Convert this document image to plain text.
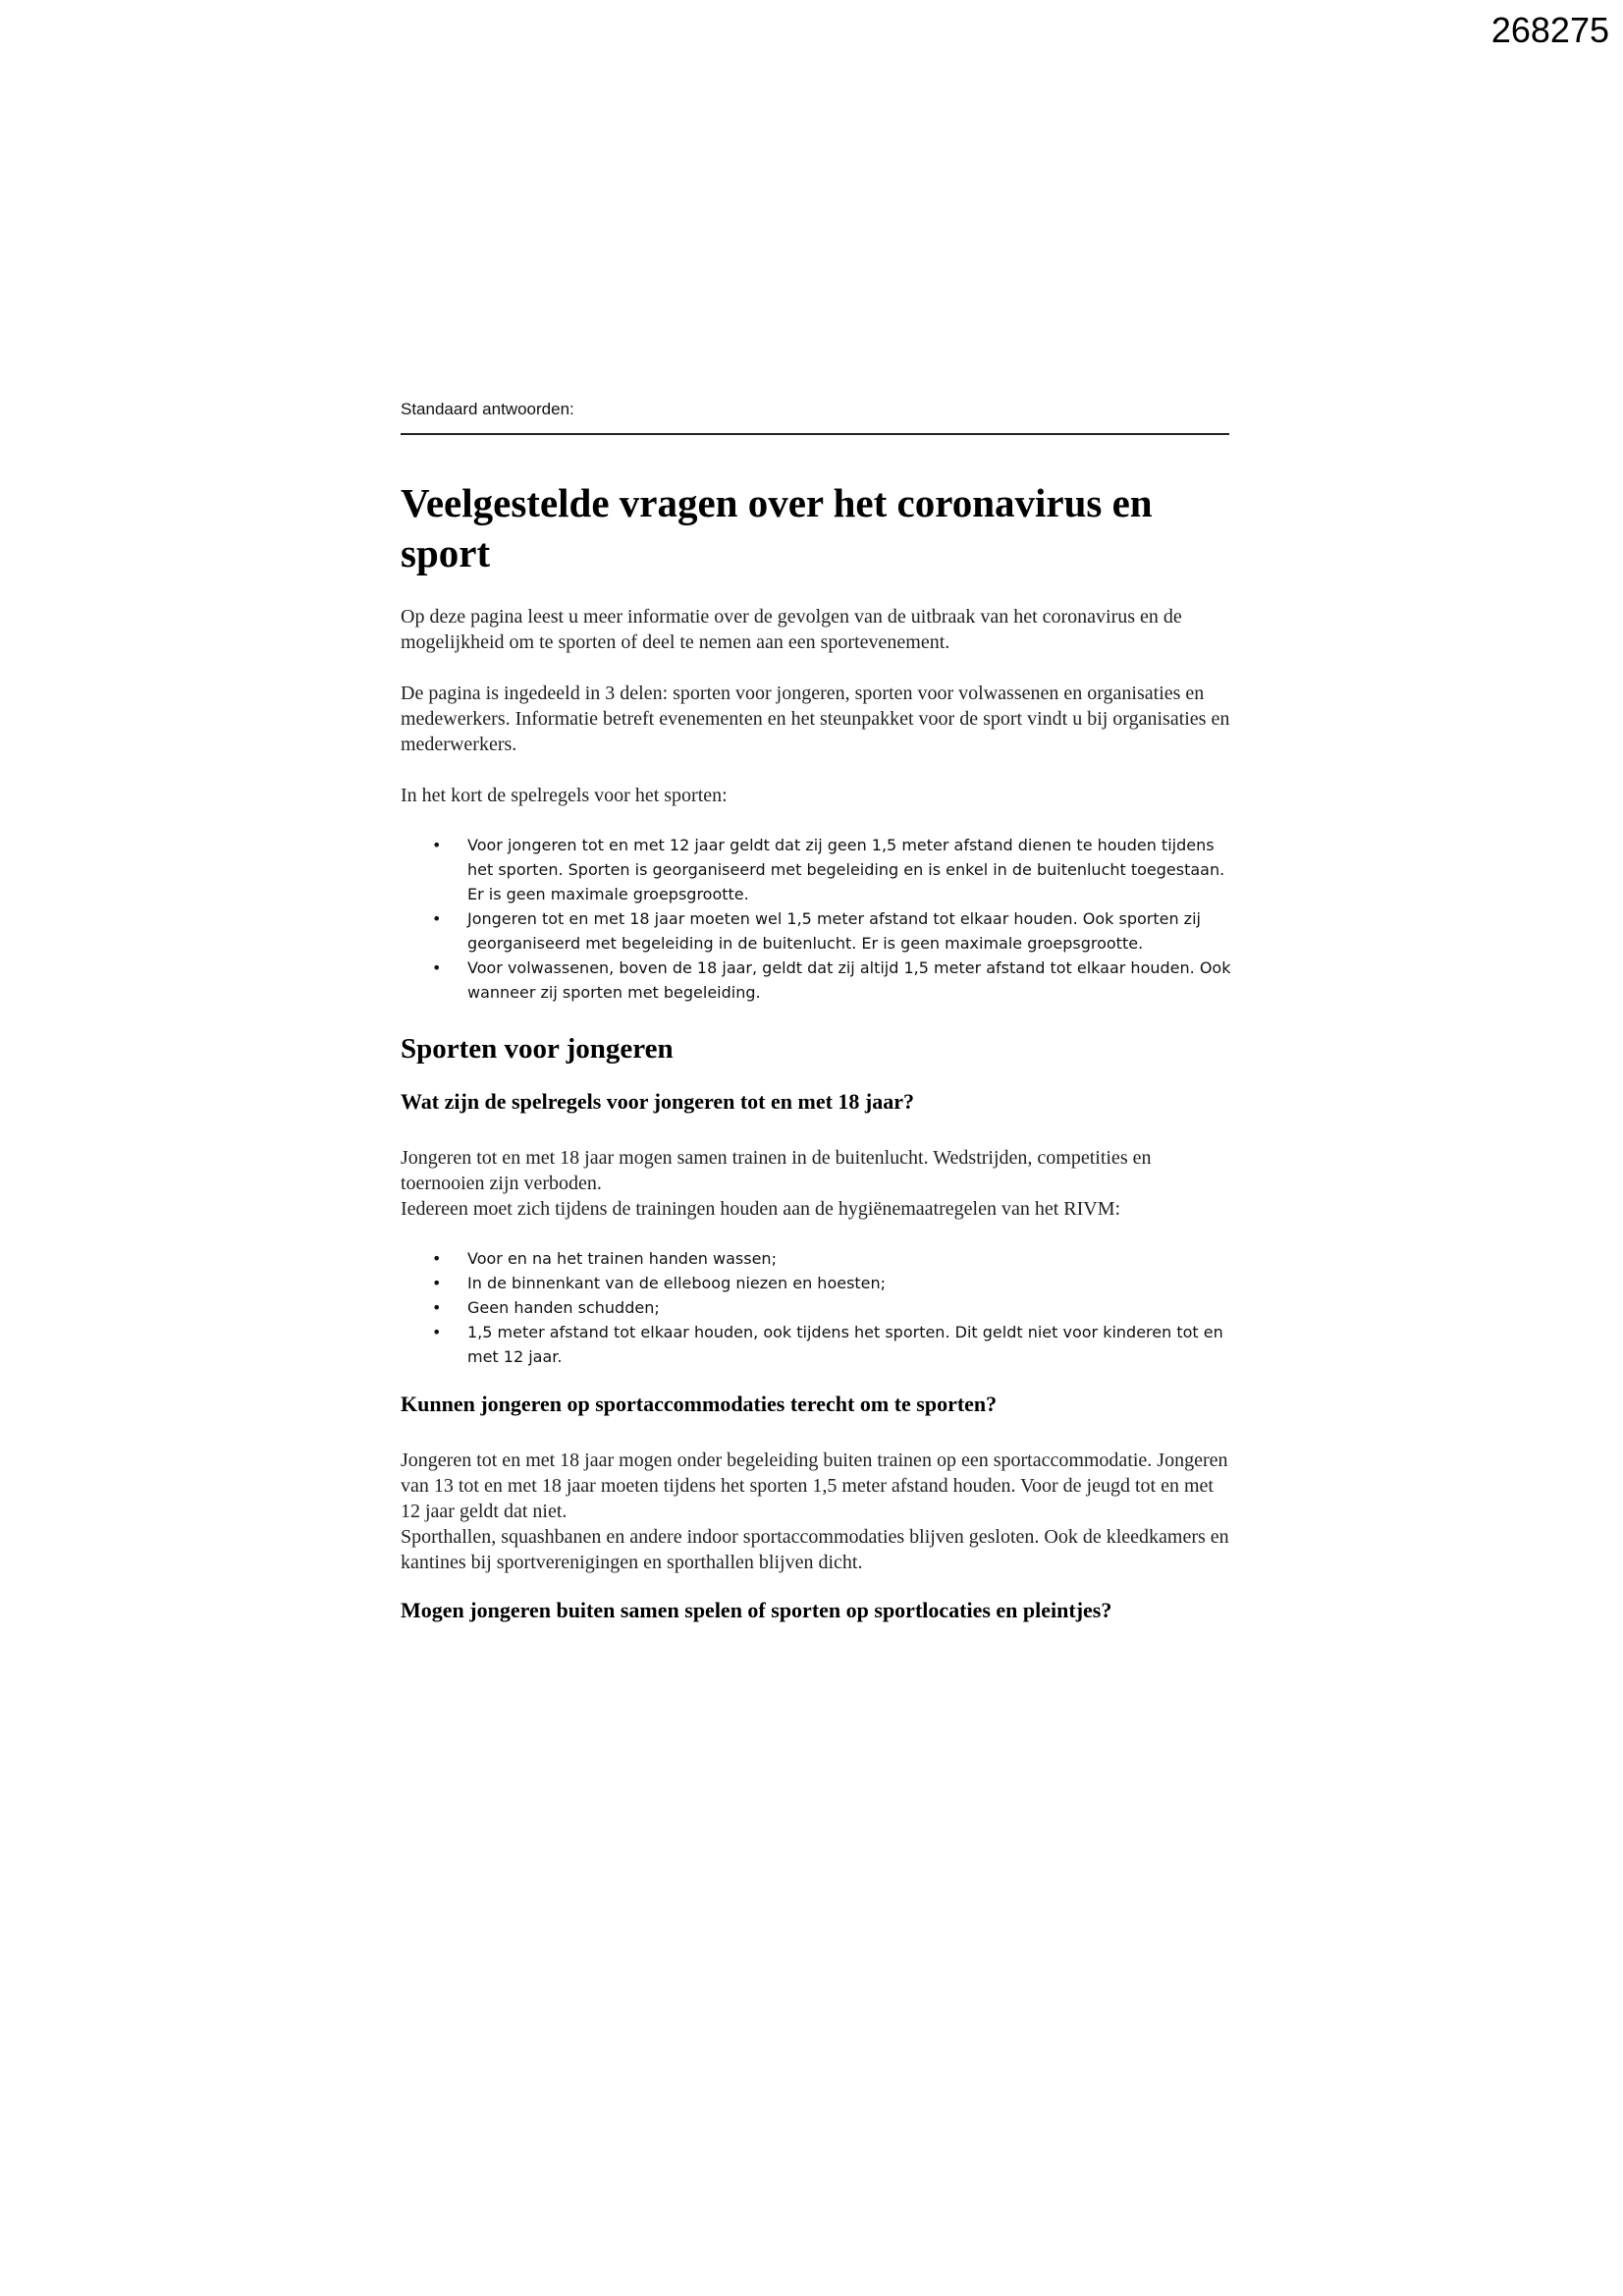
268275

Standaard antwoorden:

Veelgestelde vragen over het coronavirus en sport

Op deze pagina leest u meer informatie over de gevolgen van de uitbraak van het coronavirus en de mogelijkheid om te sporten of deel te nemen aan een sportevenement.

De pagina is ingedeeld in 3 delen: sporten voor jongeren, sporten voor volwassenen en organisaties en medewerkers. Informatie betreft evenementen en het steunpakket voor de sport vindt u bij organisaties en mederwerkers.

In het kort de spelregels voor het sporten:

• Voor jongeren tot en met 12 jaar geldt dat zij geen 1,5 meter afstand dienen te houden tijdens het sporten. Sporten is georganiseerd met begeleiding en is enkel in de buitenlucht toegestaan. Er is geen maximale groepsgrootte.
• Jongeren tot en met 18 jaar moeten wel 1,5 meter afstand tot elkaar houden. Ook sporten zij georganiseerd met begeleiding in de buitenlucht. Er is geen maximale groepsgrootte.
• Voor volwassenen, boven de 18 jaar, geldt dat zij altijd 1,5 meter afstand tot elkaar houden. Ook wanneer zij sporten met begeleiding.
Sporten voor jongeren
Wat zijn de spelregels voor jongeren tot en met 18 jaar?

Jongeren tot en met 18 jaar mogen samen trainen in de buitenlucht. Wedstrijden, competities en toernooien zijn verboden.

Iedereen moet zich tijdens de trainingen houden aan de hygiënemaatregelen van het RIVM:

• Voor en na het trainen handen wassen;
• In de binnenkant van de elleboog niezen en hoesten;
• Geen handen schudden;
• 1,5 meter afstand tot elkaar houden, ook tijdens het sporten. Dit geldt niet voor kinderen tot en met 12 jaar.
Kunnen jongeren op sportaccommodaties terecht om te sporten?

Jongeren tot en met 18 jaar mogen onder begeleiding buiten trainen op een sportaccommodatie. Jongeren van 13 tot en met 18 jaar moeten tijdens het sporten 1,5 meter afstand houden. Voor de jeugd tot en met 12 jaar geldt dat niet.

Sporthallen, squashbanen en andere indoor sportaccommodaties blijven gesloten. Ook de kleedkamers en kantines bij sportverenigingen en sporthallen blijven dicht.

Mogen jongeren buiten samen spelen of sporten op sportlocaties en pleintjes?
